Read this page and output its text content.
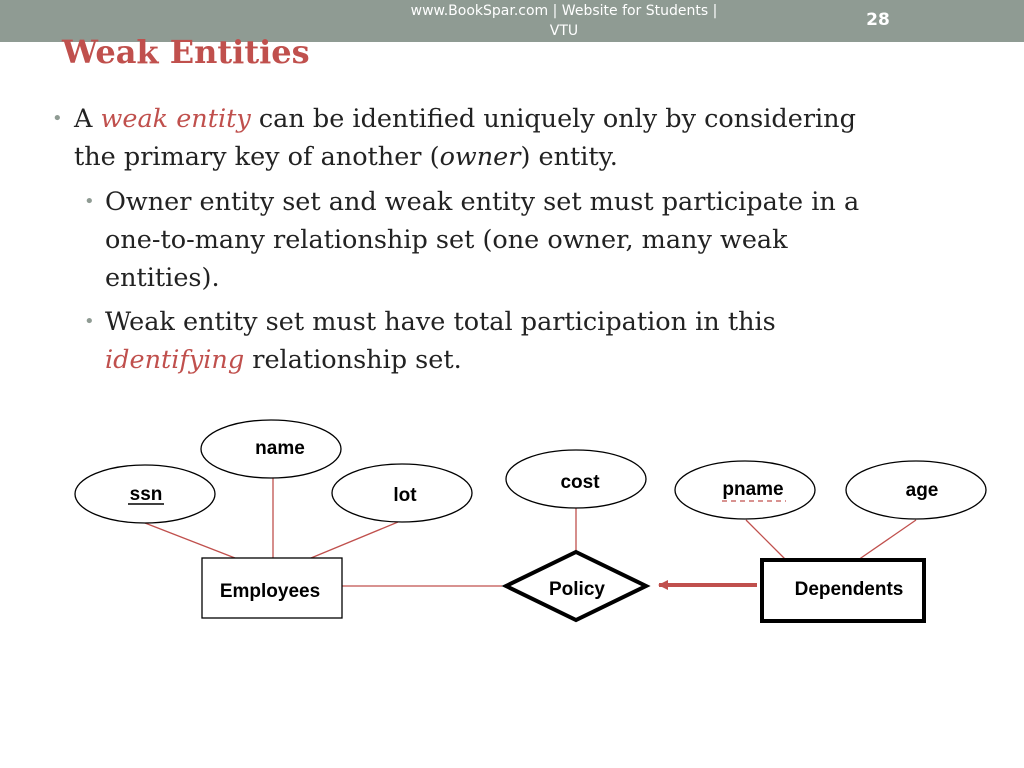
www.BookSpar.com | Website for Students | VTU
NOTES | Question Papers
28
Weak Entities
• A weak entity can be identified uniquely only by considering
the primary key of another (owner) entity.
• Owner entity set and weak entity set must participate in a
one-to-many relationship set (one owner, many weak
entities).
• Weak entity set must have total participation in this
identifying relationship set.
ssn
name
lot
cost	pname	age
Employees	Dependents
Policy
